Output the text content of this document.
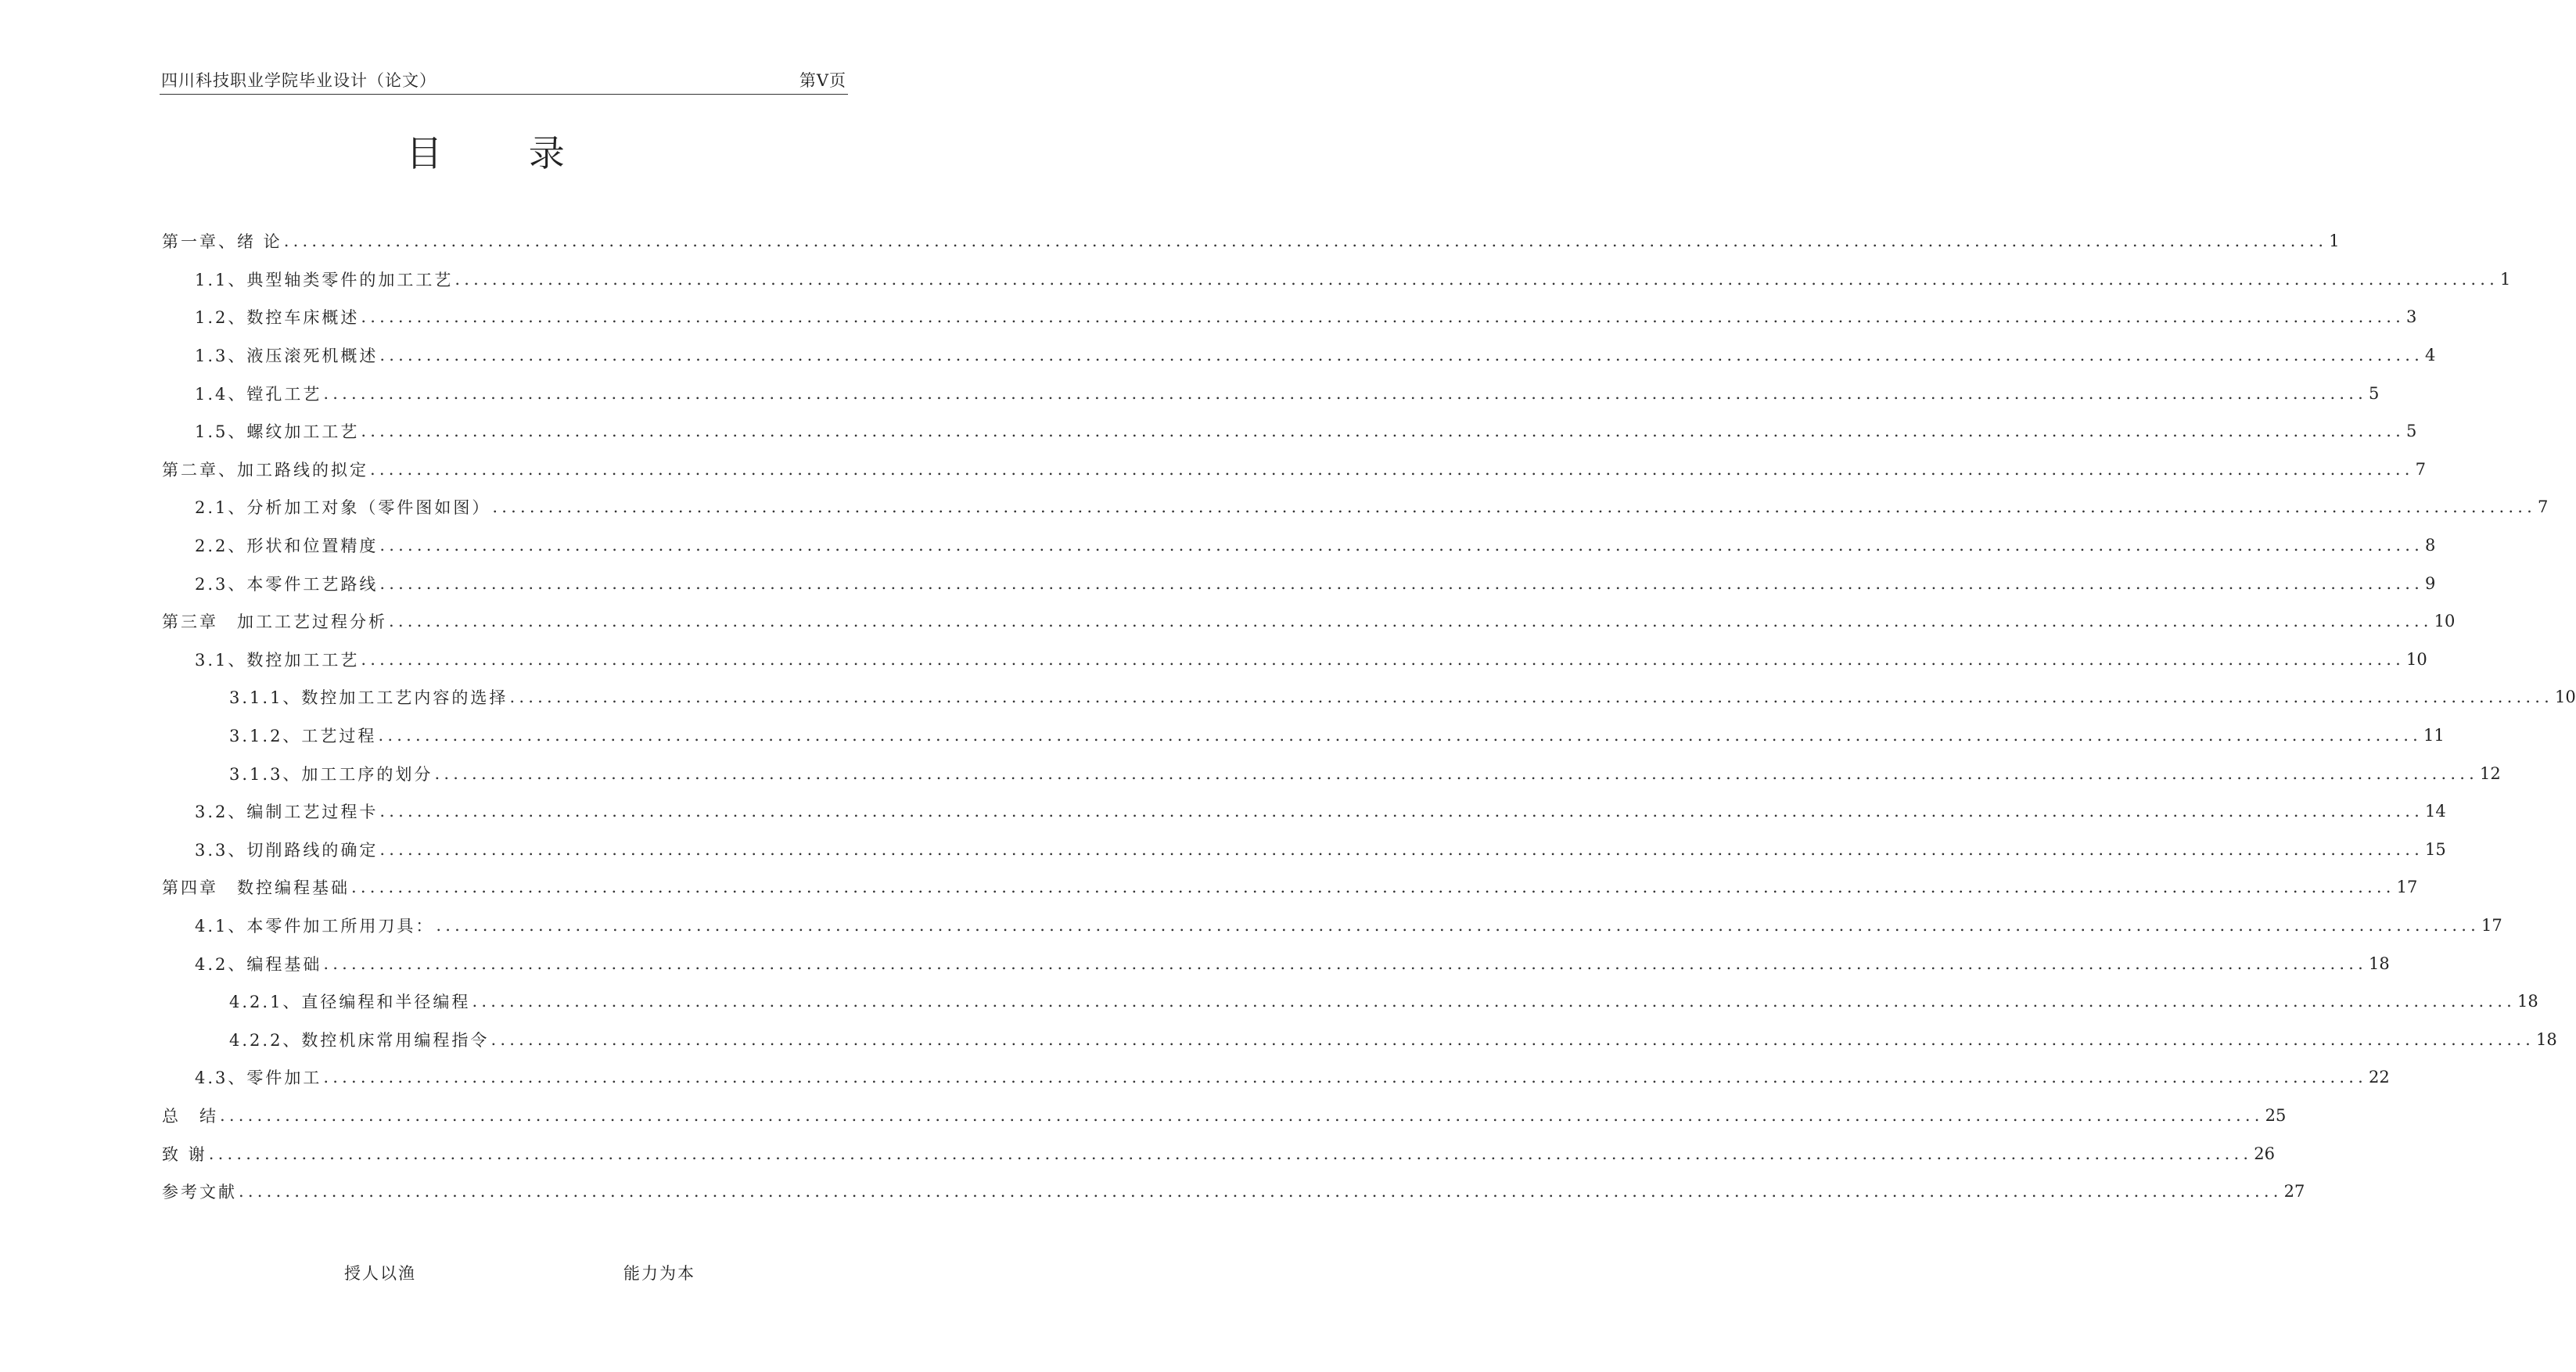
四川科技职业学院毕业设计（论文）	第Ⅴ页
目 录
第一章、绪 论 ............................................................................................................................................................................................................................ 1
1.1、典型轴类零件的加工工艺 ............................................................................................................................................................................................................................ 1
1.2、数控车床概述 ............................................................................................................................................................................................................................ 3
1.3、液压滚死机概述 ............................................................................................................................................................................................................................ 4
1.4、镗孔工艺 ............................................................................................................................................................................................................................ 5
1.5、螺纹加工工艺 ............................................................................................................................................................................................................................ 5
第二章、加工路线的拟定 ............................................................................................................................................................................................................................ 7
2.1、分析加工对象（零件图如图） ............................................................................................................................................................................................................................ 7
2.2、形状和位置精度 ............................................................................................................................................................................................................................ 8
2.3、本零件工艺路线 ............................................................................................................................................................................................................................ 9
第三章　加工工艺过程分析 ............................................................................................................................................................................................................................ 10
3.1、数控加工工艺 ............................................................................................................................................................................................................................ 10
3.1.1、数控加工工艺内容的选择 ............................................................................................................................................................................................................................ 10
3.1.2、工艺过程 ............................................................................................................................................................................................................................ 11
3.1.3、加工工序的划分 ............................................................................................................................................................................................................................ 12
3.2、编制工艺过程卡 ............................................................................................................................................................................................................................ 14
3.3、切削路线的确定 ............................................................................................................................................................................................................................ 15
第四章　数控编程基础 ............................................................................................................................................................................................................................ 17
4.1、本零件加工所用刀具： ............................................................................................................................................................................................................................ 17
4.2、编程基础 ............................................................................................................................................................................................................................ 18
4.2.1、直径编程和半径编程 ............................................................................................................................................................................................................................ 18
4.2.2、数控机床常用编程指令 ............................................................................................................................................................................................................................ 18
4.3、零件加工 ............................................................................................................................................................................................................................ 22
总　结 ............................................................................................................................................................................................................................ 25
致 谢 ............................................................................................................................................................................................................................ 26
参考文献 ............................................................................................................................................................................................................................ 27
授人以渔	能力为本
